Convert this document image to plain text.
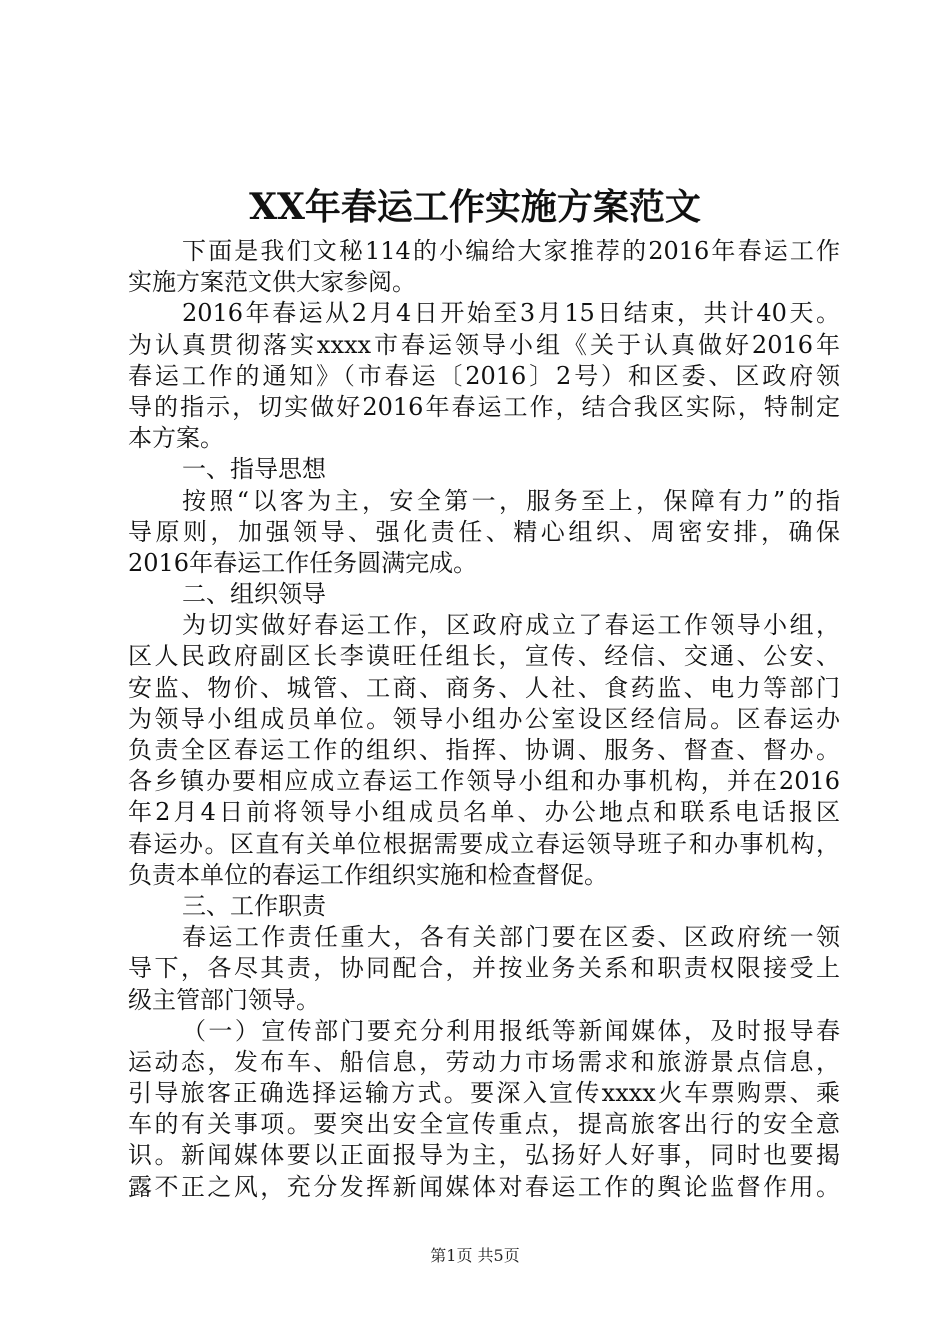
XX年春运工作实施方案范文
下面是我们文秘114的小编给大家推荐的2016年春运工作
实施方案范文供大家参阅。
2016年春运从2月4日开始至3月15日结束，共计40天。
为认真贯彻落实xxxx市春运领导小组《关于认真做好2016年
春运工作的通知》（市春运〔2016〕2号）和区委、区政府领
导的指示，切实做好2016年春运工作，结合我区实际，特制定
本方案。
一、指导思想
按照“以客为主，安全第一，服务至上，保障有力”的指
导原则，加强领导、强化责任、精心组织、周密安排，确保
2016年春运工作任务圆满完成。
二、组织领导
为切实做好春运工作，区政府成立了春运工作领导小组，
区人民政府副区长李谟旺任组长，宣传、经信、交通、公安、
安监、物价、城管、工商、商务、人社、食药监、电力等部门
为领导小组成员单位。领导小组办公室设区经信局。区春运办
负责全区春运工作的组织、指挥、协调、服务、督查、督办。
各乡镇办要相应成立春运工作领导小组和办事机构，并在2016
年2月4日前将领导小组成员名单、办公地点和联系电话报区
春运办。区直有关单位根据需要成立春运领导班子和办事机构，
负责本单位的春运工作组织实施和检查督促。
三、工作职责
春运工作责任重大，各有关部门要在区委、区政府统一领
导下，各尽其责，协同配合，并按业务关系和职责权限接受上
级主管部门领导。
（一）宣传部门要充分利用报纸等新闻媒体，及时报导春
运动态，发布车、船信息，劳动力市场需求和旅游景点信息，
引导旅客正确选择运输方式。要深入宣传xxxx火车票购票、乘
车的有关事项。要突出安全宣传重点，提高旅客出行的安全意
识。新闻媒体要以正面报导为主，弘扬好人好事，同时也要揭
露不正之风，充分发挥新闻媒体对春运工作的舆论监督作用。
第1页 共5页
